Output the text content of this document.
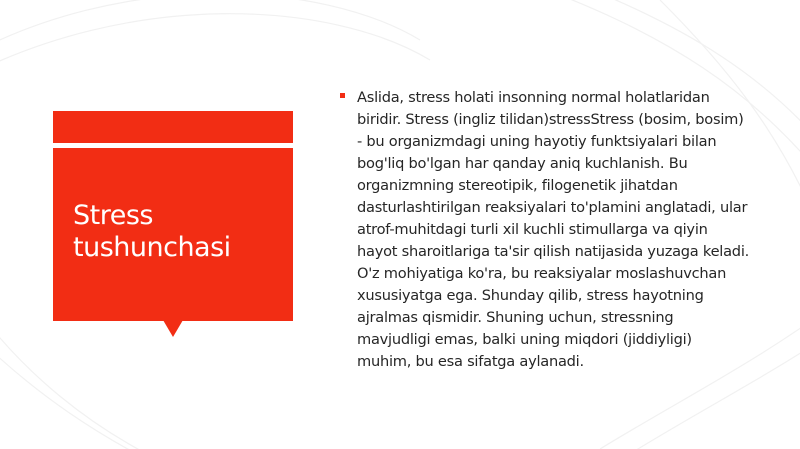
Stress tushunchasi

Aslida, stress holati insonning normal holatlaridan biridir. Stress (ingliz tilidan)stressStress (bosim, bosim) - bu organizmdagi uning hayotiy funktsiyalari bilan bog'liq bo'lgan har qanday aniq kuchlanish. Bu organizmning stereotipik, filogenetik jihatdan dasturlashtirilgan reaksiyalari to'plamini anglatadi, ular atrof-muhitdagi turli xil kuchli stimullarga va qiyin hayot sharoitlariga ta'sir qilish natijasida yuzaga keladi. O'z mohiyatiga ko'ra, bu reaksiyalar moslashuvchan xususiyatga ega. Shunday qilib, stress hayotning ajralmas qismidir. Shuning uchun, stressning mavjudligi emas, balki uning miqdori (jiddiyligi) muhim, bu esa sifatga aylanadi.
